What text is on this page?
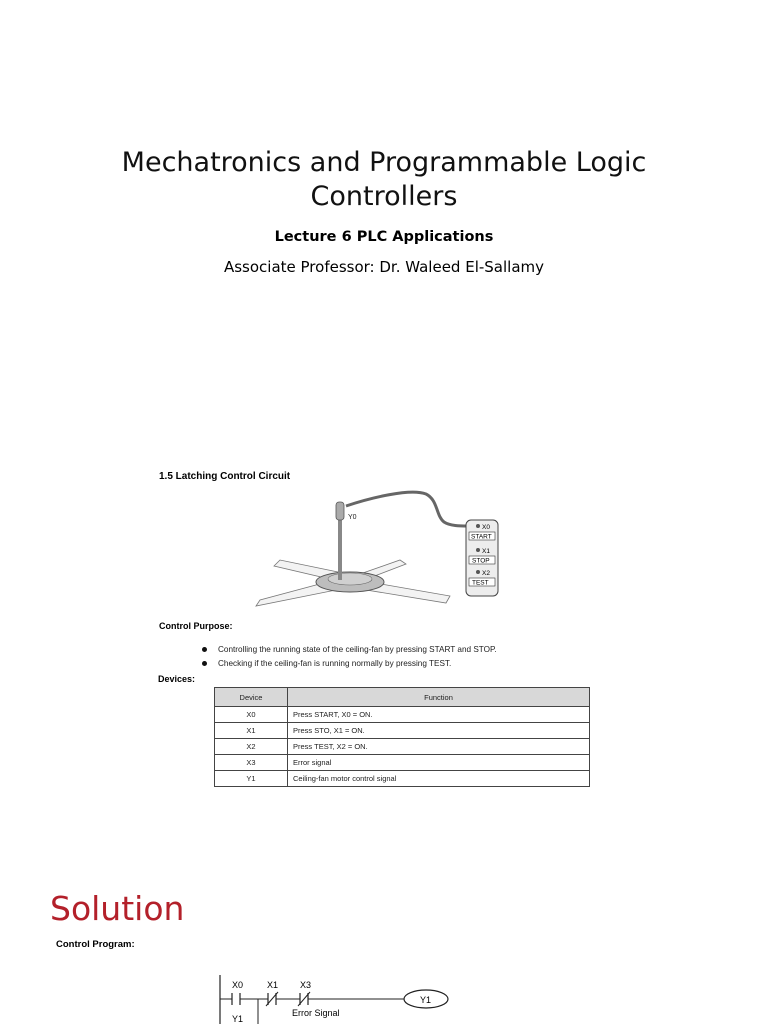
Mechatronics and Programmable Logic
Controllers
Lecture 6 PLC Applications
Associate Professor: Dr. Waleed El-Sallamy
1.5 Latching Control Circuit
Y0
X0
START
X1
STOP
X2
TEST
Control Purpose:
Controlling the running state of the ceiling-fan by pressing START and STOP.
Checking if the ceiling-fan is running normally by pressing TEST.
Devices:
Device	Function
X0	Press START, X0 = ON.
X1	Press STO, X1 = ON.
X2	Press TEST, X2 = ON.
X3	Error signal
Y1	Ceiling-fan motor control signal
Solution
Control Program:
X0	X1 X3
Error Signal
Y1
Y1
